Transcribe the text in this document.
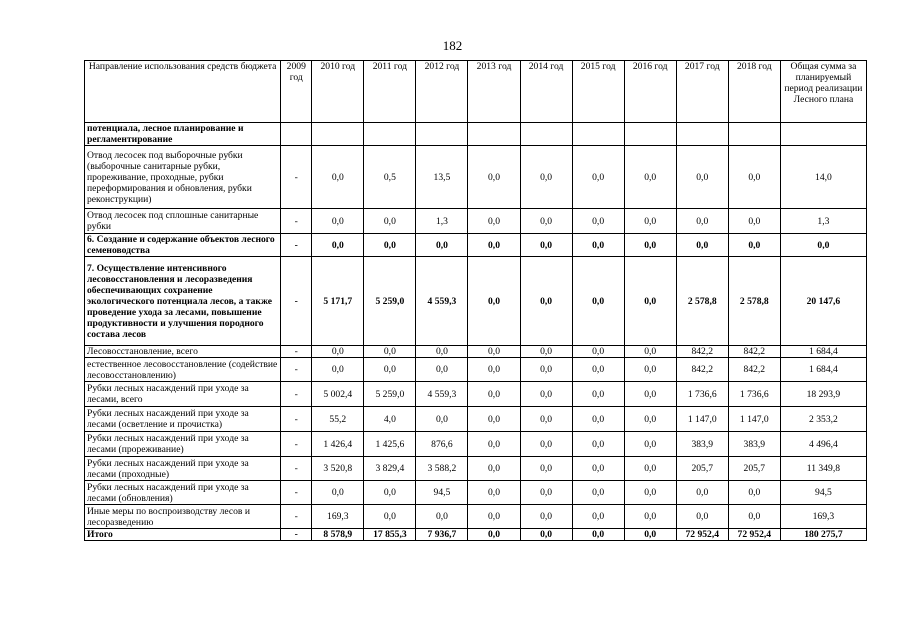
182
Направление использования средств бюджета	2009 год	2010 год	2011 год	2012 год	2013 год	2014 год	2015 год	2016 год	2017 год	2018 год	Общая сумма за планируемый период реализации Лесного плана
потенциала, лесное планирование и регламентирование											
Отвод лесосек под выборочные рубки (выборочные санитарные рубки, прореживание, проходные, рубки переформирования и обновления, рубки реконструкции)	-	0,0	0,5	13,5	0,0	0,0	0,0	0,0	0,0	0,0	14,0
Отвод лесосек под сплошные санитарные рубки	-	0,0	0,0	1,3	0,0	0,0	0,0	0,0	0,0	0,0	1,3
6. Создание и содержание объектов лесного семеноводства	-	0,0	0,0	0,0	0,0	0,0	0,0	0,0	0,0	0,0	0,0
7. Осуществление интенсивного лесовосстановления и лесоразведения обеспечивающих сохранение экологического потенциала лесов, а также проведение ухода за лесами, повышение продуктивности и улучшения породного состава лесов	-	5 171,7	5 259,0	4 559,3	0,0	0,0	0,0	0,0	2 578,8	2 578,8	20 147,6
Лесовосстановление, всего	-	0,0	0,0	0,0	0,0	0,0	0,0	0,0	842,2	842,2	1 684,4
естественное лесовосстановление (содействие лесовосстановлению)	-	0,0	0,0	0,0	0,0	0,0	0,0	0,0	842,2	842,2	1 684,4
Рубки лесных насаждений при уходе за лесами, всего	-	5 002,4	5 259,0	4 559,3	0,0	0,0	0,0	0,0	1 736,6	1 736,6	18 293,9
Рубки лесных насаждений при уходе за лесами (осветление и прочистка)	-	55,2	4,0	0,0	0,0	0,0	0,0	0,0	1 147,0	1 147,0	2 353,2
Рубки лесных насаждений при уходе за лесами (прореживание)	-	1 426,4	1 425,6	876,6	0,0	0,0	0,0	0,0	383,9	383,9	4 496,4
Рубки лесных насаждений при уходе за лесами (проходные)	-	3 520,8	3 829,4	3 588,2	0,0	0,0	0,0	0,0	205,7	205,7	11 349,8
Рубки лесных насаждений при уходе за лесами (обновления)	-	0,0	0,0	94,5	0,0	0,0	0,0	0,0	0,0	0,0	94,5
Иные меры по воспроизводству лесов и лесоразведению	-	169,3	0,0	0,0	0,0	0,0	0,0	0,0	0,0	0,0	169,3
Итого	-	8 578,9	17 855,3	7 936,7	0,0	0,0	0,0	0,0	72 952,4	72 952,4	180 275,7
